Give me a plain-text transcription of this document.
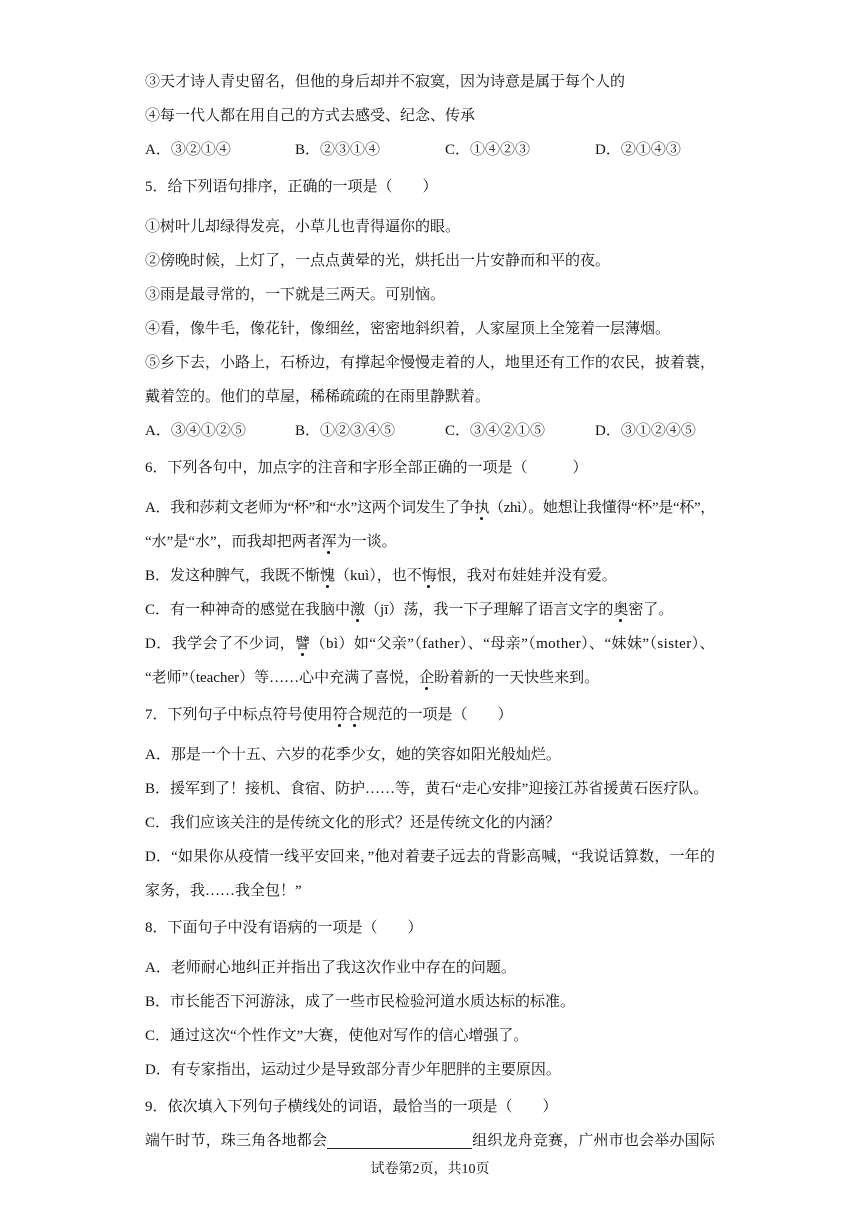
③天才诗人青史留名，但他的身后却并不寂寞，因为诗意是属于每个人的
④每一代人都在用自己的方式去感受、纪念、传承
A．③②①④	B．②③①④	C．①④②③	D．②①④③
5．给下列语句排序，正确的一项是（　　）
①树叶儿却绿得发亮，小草儿也青得逼你的眼。
②傍晚时候，上灯了，一点点黄晕的光，烘托出一片安静而和平的夜。
③雨是最寻常的，一下就是三两天。可别恼。
④看，像牛毛，像花针，像细丝，密密地斜织着，人家屋顶上全笼着一层薄烟。
⑤乡下去，小路上，石桥边，有撑起伞慢慢走着的人，地里还有工作的农民，披着蓑，
戴着笠的。他们的草屋，稀稀疏疏的在雨里静默着。
A．③④①②⑤	B．①②③④⑤	C．③④②①⑤	D．③①②④⑤
6．下列各句中，加点字的注音和字形全部正确的一项是（　　　）
A．我和莎莉文老师为“杯”和“水”这两个词发生了争执（zhì）。她想让我懂得“杯”是“杯”，
“水”是“水”，而我却把两者浑为一谈。
B．发这种脾气，我既不惭愧（kuì），也不悔恨，我对布娃娃并没有爱。
C．有一种神奇的感觉在我脑中激（jī）荡，我一下子理解了语言文字的奥密了。
D．我学会了不少词，譬（bì）如“父亲”（father）、“母亲”（mother）、“妹妹”（sister）、
“老师”（teacher）等……心中充满了喜悦，企盼着新的一天快些来到。
7．下列句子中标点符号使用符合规范的一项是（　　）
A．那是一个十五、六岁的花季少女，她的笑容如阳光般灿烂。
B．援军到了！接机、食宿、防护……等，黄石“走心安排”迎接江苏省援黄石医疗队。
C．我们应该关注的是传统文化的形式？还是传统文化的内涵？
D．“如果你从疫情一线平安回来，”他对着妻子远去的背影高喊，“我说话算数，一年的
家务，我……我全包！”
8．下面句子中没有语病的一项是（　　）
A．老师耐心地纠正并指出了我这次作业中存在的问题。
B．市长能否下河游泳，成了一些市民检验河道水质达标的标准。
C．通过这次“个性作文”大赛，使他对写作的信心增强了。
D．有专家指出，运动过少是导致部分青少年肥胖的主要原因。
9．依次填入下列句子横线处的词语，最恰当的一项是（　　）
端午时节，珠三角各地都会	组织龙舟竞赛，广州市也会举办国际
试卷第2页，共10页
